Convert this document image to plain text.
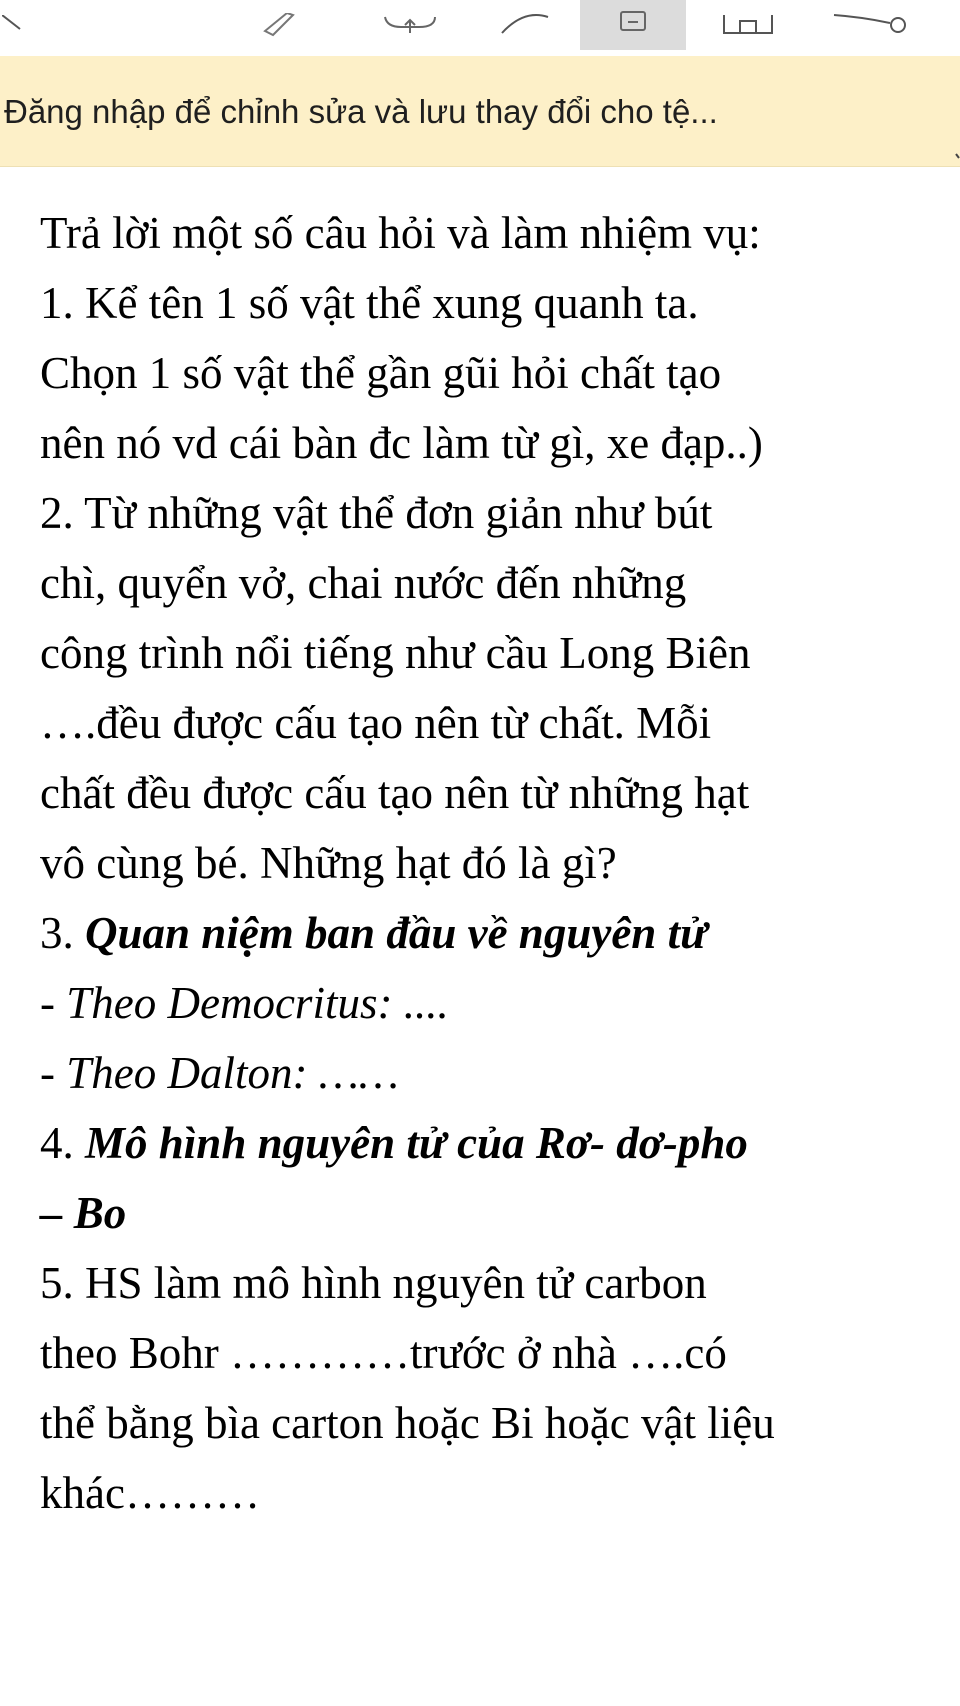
Đăng nhập để chỉnh sửa và lưu thay đổi cho tệ...
Trả lời một số câu hỏi và làm nhiệm vụ:
1. Kể tên 1 số vật thể xung quanh ta.
Chọn 1 số vật thể gần gũi hỏi chất tạo
nên nó vd cái bàn đc làm từ gì, xe đạp..)
2. Từ những vật thể đơn giản như bút
chì, quyển vở, chai nước đến những
công trình nổi tiếng như cầu Long Biên
….đều được cấu tạo nên từ chất. Mỗi
chất đều được cấu tạo nên từ những hạt
vô cùng bé. Những hạt đó là gì?
3. Quan niệm ban đầu về nguyên tử
- Theo Democritus: ....
- Theo Dalton: ……
4. Mô hình nguyên tử của Rơ- dơ-pho
– Bo
5. HS làm mô hình nguyên tử carbon
theo Bohr …………trước ở nhà ….có
thể bằng bìa carton hoặc Bi hoặc vật liệu
khác………
